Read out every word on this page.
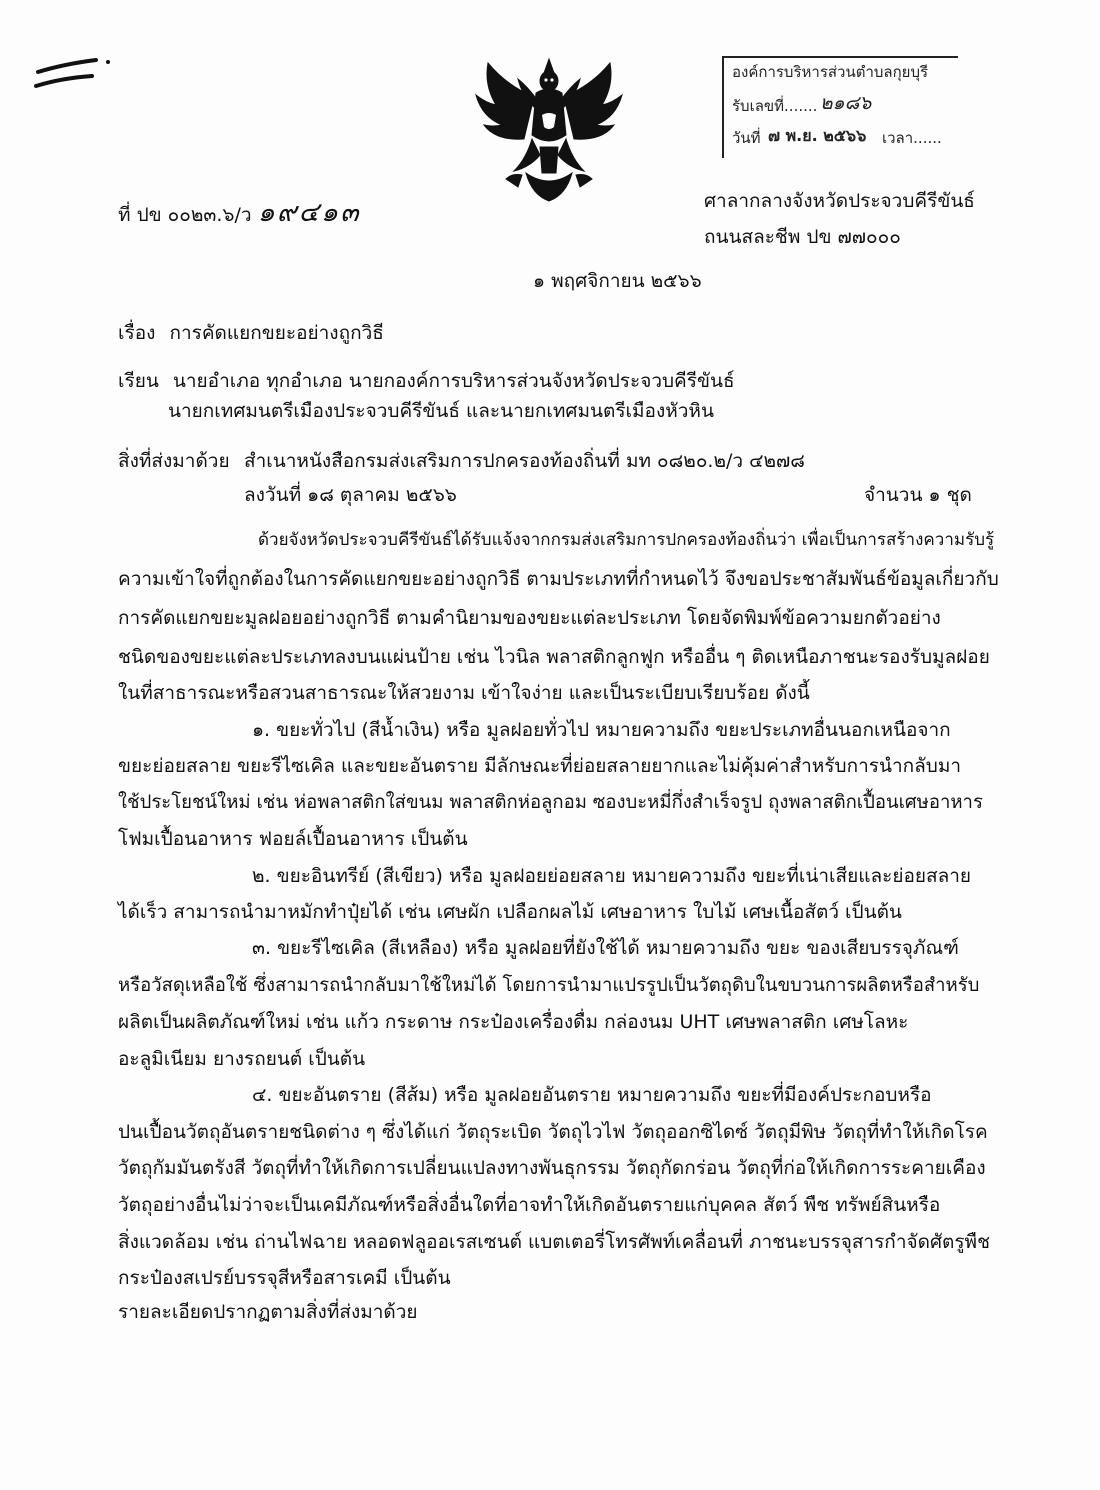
องค์การบริหารส่วนตำบลกุยบุรี
รับเลขที่....... ๒๑๘๖
วันที่ ๗ พ.ย. ๒๕๖๖ เวลา......
ที่ ปข ๐๐๒๓.๖/ว ๑๙๔๑๓	ศาลากลางจังหวัดประจวบคีรีขันธ์
ถนนสละชีพ ปข ๗๗๐๐๐
๑ พฤศจิกายน ๒๕๖๖
เรื่อง การคัดแยกขยะอย่างถูกวิธี
เรียน นายอำเภอ ทุกอำเภอ นายกองค์การบริหารส่วนจังหวัดประจวบคีรีขันธ์
นายกเทศมนตรีเมืองประจวบคีรีขันธ์ และนายกเทศมนตรีเมืองหัวหิน
สิ่งที่ส่งมาด้วย สำเนาหนังสือกรมส่งเสริมการปกครองท้องถิ่นที่ มท ๐๘๒๐.๒/ว ๔๒๗๘
ลงวันที่ ๑๘ ตุลาคม ๒๕๖๖	จำนวน ๑ ชุด
ด้วยจังหวัดประจวบคีรีขันธ์ได้รับแจ้งจากกรมส่งเสริมการปกครองท้องถิ่นว่า เพื่อเป็นการสร้างความรับรู้
ความเข้าใจที่ถูกต้องในการคัดแยกขยะอย่างถูกวิธี ตามประเภทที่กำหนดไว้ จึงขอประชาสัมพันธ์ข้อมูลเกี่ยวกับ
การคัดแยกขยะมูลฝอยอย่างถูกวิธี ตามคำนิยามของขยะแต่ละประเภท โดยจัดพิมพ์ข้อความยกตัวอย่าง
ชนิดของขยะแต่ละประเภทลงบนแผ่นป้าย เช่น ไวนิล พลาสติกลูกฟูก หรืออื่น ๆ ติดเหนือภาชนะรองรับมูลฝอย
ในที่สาธารณะหรือสวนสาธารณะให้สวยงาม เข้าใจง่าย และเป็นระเบียบเรียบร้อย ดังนี้
๑. ขยะทั่วไป (สีน้ำเงิน) หรือ มูลฝอยทั่วไป หมายความถึง ขยะประเภทอื่นนอกเหนือจาก
ขยะย่อยสลาย ขยะรีไซเคิล และขยะอันตราย มีลักษณะที่ย่อยสลายยากและไม่คุ้มค่าสำหรับการนำกลับมา
ใช้ประโยชน์ใหม่ เช่น ห่อพลาสติกใส่ขนม พลาสติกห่อลูกอม ซองบะหมี่กึ่งสำเร็จรูป ถุงพลาสติกเปื้อนเศษอาหาร
โฟมเปื้อนอาหาร ฟอยล์เปื้อนอาหาร เป็นต้น
๒. ขยะอินทรีย์ (สีเขียว) หรือ มูลฝอยย่อยสลาย หมายความถึง ขยะที่เน่าเสียและย่อยสลาย
ได้เร็ว สามารถนำมาหมักทำปุ๋ยได้ เช่น เศษผัก เปลือกผลไม้ เศษอาหาร ใบไม้ เศษเนื้อสัตว์ เป็นต้น
๓. ขยะรีไซเคิล (สีเหลือง) หรือ มูลฝอยที่ยังใช้ได้ หมายความถึง ขยะ ของเสียบรรจุภัณฑ์
หรือวัสดุเหลือใช้ ซึ่งสามารถนำกลับมาใช้ใหม่ได้ โดยการนำมาแปรรูปเป็นวัตถุดิบในขบวนการผลิตหรือสำหรับ
ผลิตเป็นผลิตภัณฑ์ใหม่ เช่น แก้ว กระดาษ กระป๋องเครื่องดื่ม กล่องนม UHT เศษพลาสติก เศษโลหะ
อะลูมิเนียม ยางรถยนต์ เป็นต้น
๔. ขยะอันตราย (สีส้ม) หรือ มูลฝอยอันตราย หมายความถึง ขยะที่มีองค์ประกอบหรือ
ปนเปื้อนวัตถุอันตรายชนิดต่าง ๆ ซึ่งได้แก่ วัตถุระเบิด วัตถุไวไฟ วัตถุออกซิไดซ์ วัตถุมีพิษ วัตถุที่ทำให้เกิดโรค
วัตถุกัมมันตรังสี วัตถุที่ทำให้เกิดการเปลี่ยนแปลงทางพันธุกรรม วัตถุกัดกร่อน วัตถุที่ก่อให้เกิดการระคายเคือง
วัตถุอย่างอื่นไม่ว่าจะเป็นเคมีภัณฑ์หรือสิ่งอื่นใดที่อาจทำให้เกิดอันตรายแก่บุคคล สัตว์ พืช ทรัพย์สินหรือ
สิ่งแวดล้อม เช่น ถ่านไฟฉาย หลอดฟลูออเรสเซนต์ แบตเตอรี่โทรศัพท์เคลื่อนที่ ภาชนะบรรจุสารกำจัดศัตรูพืช
กระป๋องสเปรย์บรรจุสีหรือสารเคมี เป็นต้น
รายละเอียดปรากฏตามสิ่งที่ส่งมาด้วย
